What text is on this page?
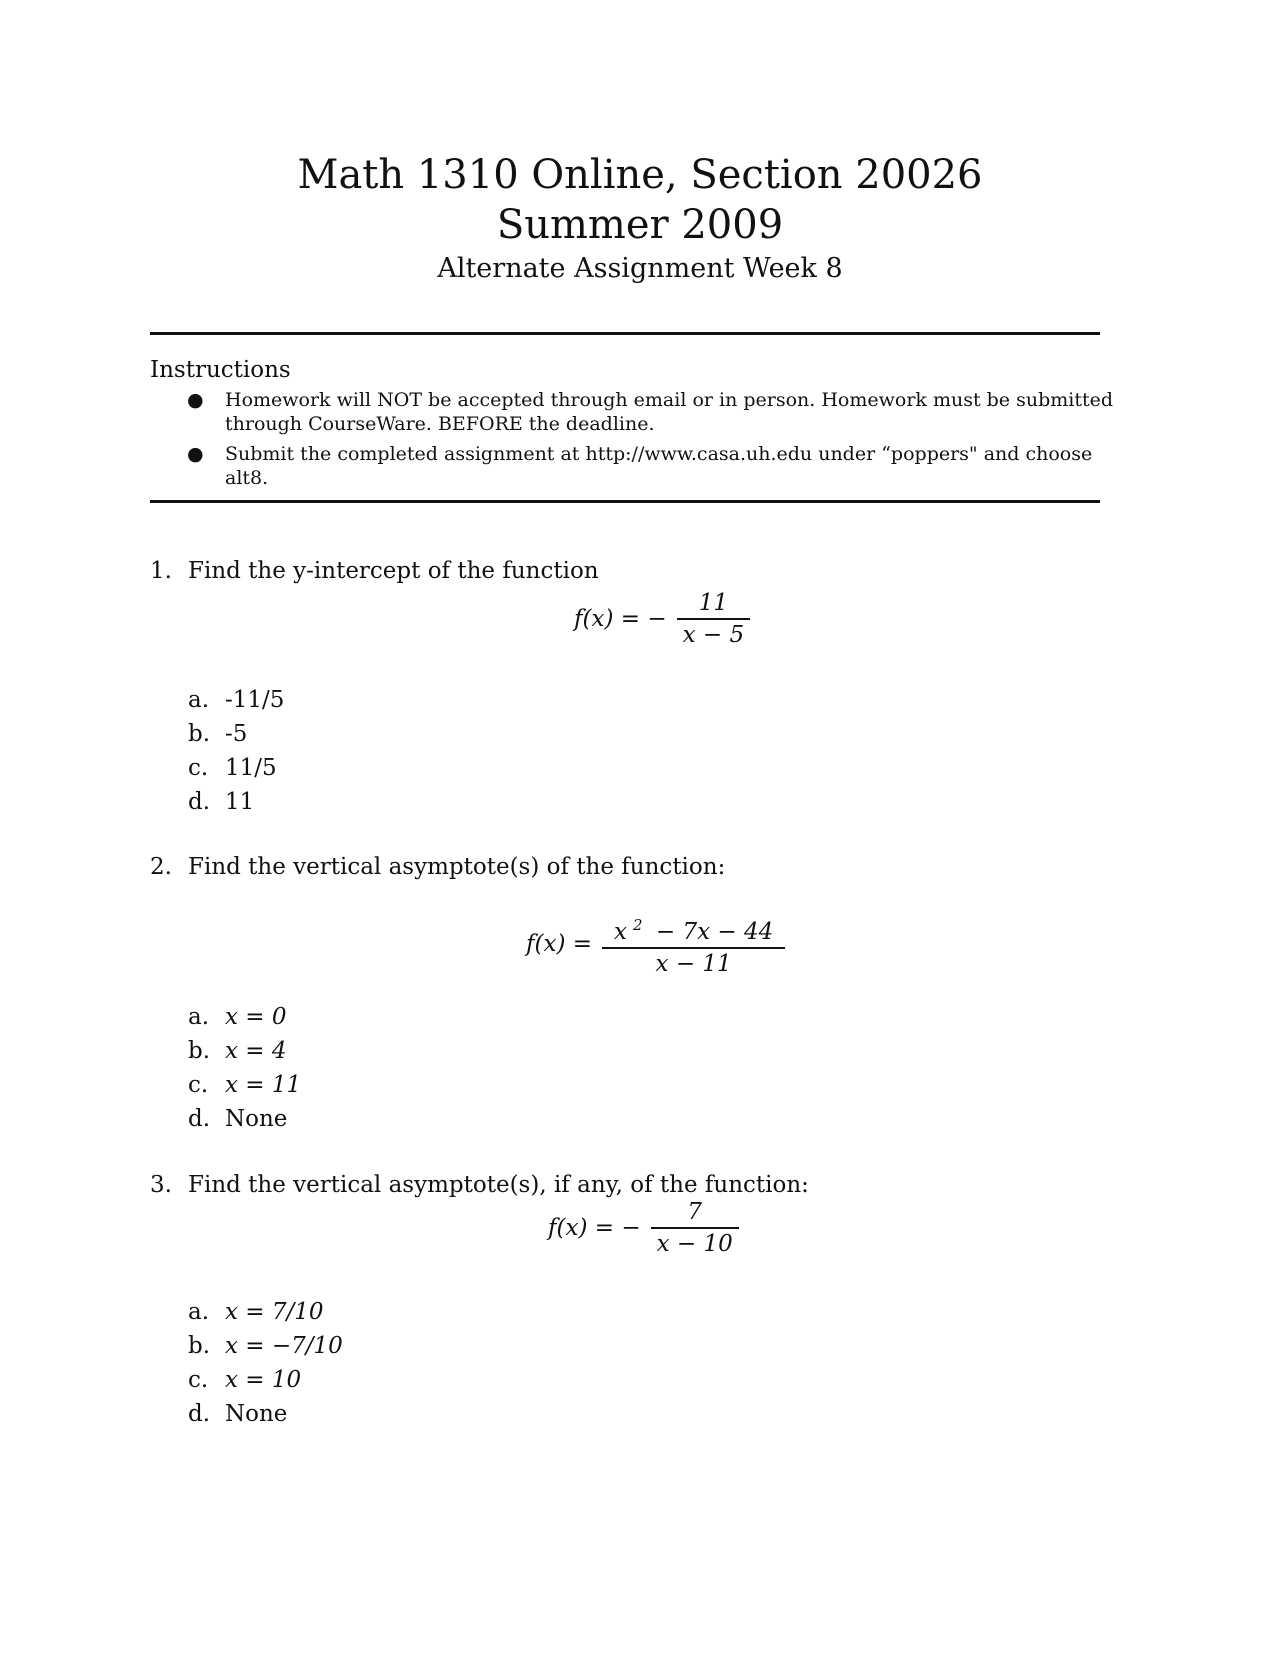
Math 1310 Online, Section 20026
Summer 2009
Alternate Assignment Week 8
Instructions
● Homework will NOT be accepted through email or in person. Homework must be submitted through CourseWare. BEFORE the deadline.
● Submit the completed assignment at http://www.casa.uh.edu under “poppers" and choose alt8.
1. Find the y-intercept of the function
f(x) = − $\frac{11}{x - 5}$
a. -11/5
b. -5
c. 11/5
d. 11
2. Find the vertical asymptote(s) of the function:
$f(x) = \frac{x ^2 - 7x - 44}{x - 11}$
a. x = 0
b. x = 4
c. x = 11
d. None
3. Find the vertical asymptote(s), if any, of the function:
f(x) = − $\frac{7}{x - 10}$
a. x = 7/10
b. x = −7/10
c. x = 10
d. None
